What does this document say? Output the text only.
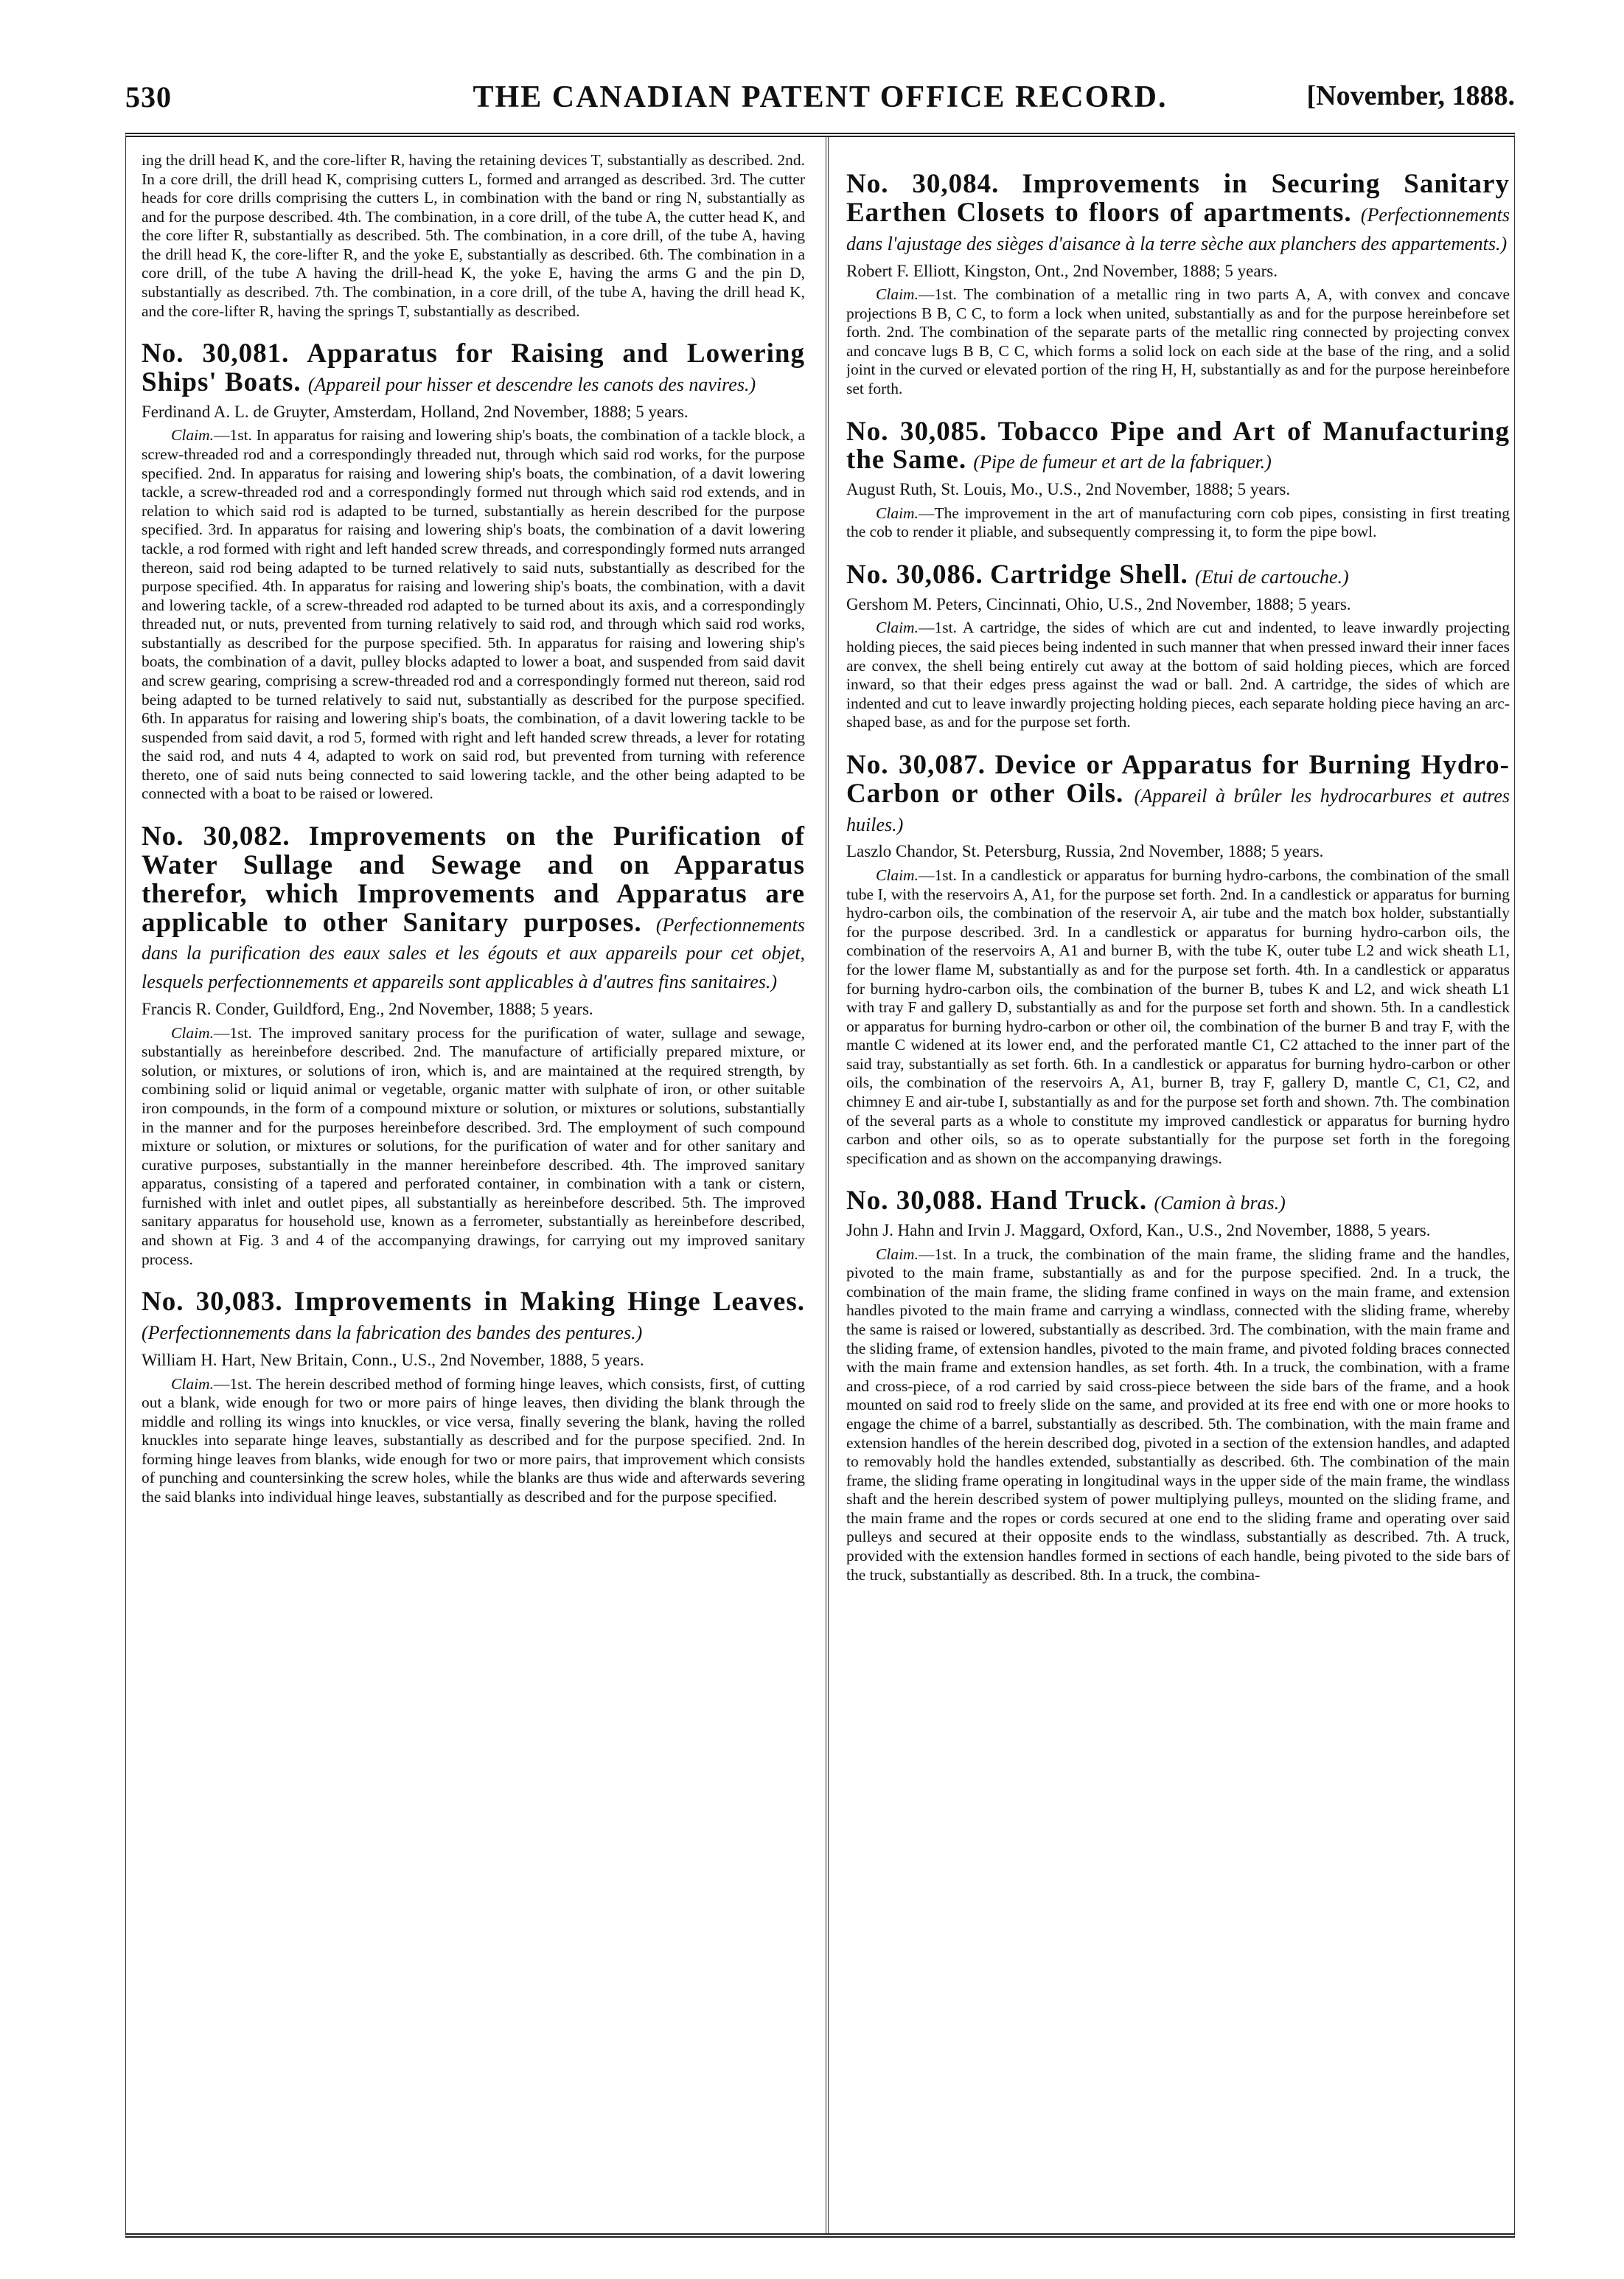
530	THE CANADIAN PATENT OFFICE RECORD.	[November, 1888.

ing the drill head K, and the core-lifter R, having the retaining devices T, substantially as described. 2nd. In a core drill, the drill head K, comprising cutters L, formed and arranged as described. 3rd. The cutter heads for core drills comprising the cutters L, in combination with the band or ring N, substantially as and for the purpose described. 4th. The combination, in a core drill, of the tube A, the cutter head K, and the core lifter R, substantially as described. 5th. The combination, in a core drill, of the tube A, having the drill head K, the core-lifter R, and the yoke E, substantially as described. 6th. The combination in a core drill, of the tube A having the drill-head K, the yoke E, having the arms G and the pin D, substantially as described. 7th. The combination, in a core drill, of the tube A, having the drill head K, and the core-lifter R, having the springs T, substantially as described.

No. 30,081. Apparatus for Raising and Lowering Ships' Boats. (Appareil pour hisser et descendre les canots des navires.)

Ferdinand A. L. de Gruyter, Amsterdam, Holland, 2nd November, 1888; 5 years.

Claim.—1st. In apparatus for raising and lowering ship's boats, the combination of a tackle block, a screw-threaded rod and a correspondingly threaded nut, through which said rod works, for the purpose specified. 2nd. In apparatus for raising and lowering ship's boats, the combination, of a davit lowering tackle, a screw-threaded rod and a correspondingly formed nut through which said rod extends, and in relation to which said rod is adapted to be turned, substantially as herein described for the purpose specified. 3rd. In apparatus for raising and lowering ship's boats, the combination of a davit lowering tackle, a rod formed with right and left handed screw threads, and correspondingly formed nuts arranged thereon, said rod being adapted to be turned relatively to said nuts, substantially as described for the purpose specified. 4th. In apparatus for raising and lowering ship's boats, the combination, with a davit and lowering tackle, of a screw-threaded rod adapted to be turned about its axis, and a correspondingly threaded nut, or nuts, prevented from turning relatively to said rod, and through which said rod works, substantially as described for the purpose specified. 5th. In apparatus for raising and lowering ship's boats, the combination of a davit, pulley blocks adapted to lower a boat, and suspended from said davit and screw gearing, comprising a screw-threaded rod and a correspondingly formed nut thereon, said rod being adapted to be turned relatively to said nut, substantially as described for the purpose specified. 6th. In apparatus for raising and lowering ship's boats, the combination, of a davit lowering tackle to be suspended from said davit, a rod 5, formed with right and left handed screw threads, a lever for rotating the said rod, and nuts 4 4, adapted to work on said rod, but prevented from turning with reference thereto, one of said nuts being connected to said lowering tackle, and the other being adapted to be connected with a boat to be raised or lowered.

No. 30,082. Improvements on the Purification of Water Sullage and Sewage and on Apparatus therefor, which Improvements and Apparatus are applicable to other Sanitary purposes. (Perfectionnements dans la purification des eaux sales et les égouts et aux appareils pour cet objet, lesquels perfectionnements et appareils sont applicables à d'autres fins sanitaires.)

Francis R. Conder, Guildford, Eng., 2nd November, 1888; 5 years.

Claim.—1st. The improved sanitary process for the purification of water, sullage and sewage, substantially as hereinbefore described. 2nd. The manufacture of artificially prepared mixture, or solution, or mixtures, or solutions of iron, which is, and are maintained at the required strength, by combining solid or liquid animal or vegetable, organic matter with sulphate of iron, or other suitable iron compounds, in the form of a compound mixture or solution, or mixtures or solutions, substantially in the manner and for the purposes hereinbefore described. 3rd. The employment of such compound mixture or solution, or mixtures or solutions, for the purification of water and for other sanitary and curative purposes, substantially in the manner hereinbefore described. 4th. The improved sanitary apparatus, consisting of a tapered and perforated container, in combination with a tank or cistern, furnished with inlet and outlet pipes, all substantially as hereinbefore described. 5th. The improved sanitary apparatus for household use, known as a ferrometer, substantially as hereinbefore described, and shown at Fig. 3 and 4 of the accompanying drawings, for carrying out my improved sanitary process.

No. 30,083. Improvements in Making Hinge Leaves. (Perfectionnements dans la fabrication des bandes des pentures.)

William H. Hart, New Britain, Conn., U.S., 2nd November, 1888, 5 years.

Claim.—1st. The herein described method of forming hinge leaves, which consists, first, of cutting out a blank, wide enough for two or more pairs of hinge leaves, then dividing the blank through the middle and rolling its wings into knuckles, or vice versa, finally severing the blank, having the rolled knuckles into separate hinge leaves, substantially as described and for the purpose specified. 2nd. In forming hinge leaves from blanks, wide enough for two or more pairs, that improvement which consists of punching and countersinking the screw holes, while the blanks are thus wide and afterwards severing the said blanks into individual hinge leaves, substantially as described and for the purpose specified.

No. 30,084. Improvements in Securing Sanitary Earthen Closets to floors of apartments. (Perfectionnements dans l'ajustage des sièges d'aisance à la terre sèche aux planchers des appartements.)

Robert F. Elliott, Kingston, Ont., 2nd November, 1888; 5 years.

Claim.—1st. The combination of a metallic ring in two parts A, A, with convex and concave projections B B, C C, to form a lock when united, substantially as and for the purpose hereinbefore set forth. 2nd. The combination of the separate parts of the metallic ring connected by projecting convex and concave lugs B B, C C, which forms a solid lock on each side at the base of the ring, and a solid joint in the curved or elevated portion of the ring H, H, substantially as and for the purpose hereinbefore set forth.

No. 30,085. Tobacco Pipe and Art of Manufacturing the Same. (Pipe de fumeur et art de la fabriquer.)

August Ruth, St. Louis, Mo., U.S., 2nd November, 1888; 5 years.

Claim.—The improvement in the art of manufacturing corn cob pipes, consisting in first treating the cob to render it pliable, and subsequently compressing it, to form the pipe bowl.

No. 30,086. Cartridge Shell. (Etui de cartouche.)

Gershom M. Peters, Cincinnati, Ohio, U.S., 2nd November, 1888; 5 years.

Claim.—1st. A cartridge, the sides of which are cut and indented, to leave inwardly projecting holding pieces, the said pieces being indented in such manner that when pressed inward their inner faces are convex, the shell being entirely cut away at the bottom of said holding pieces, which are forced inward, so that their edges press against the wad or ball. 2nd. A cartridge, the sides of which are indented and cut to leave inwardly projecting holding pieces, each separate holding piece having an arc-shaped base, as and for the purpose set forth.

No. 30,087. Device or Apparatus for Burning Hydro-Carbon or other Oils. (Appareil à brûler les hydrocarbures et autres huiles.)

Laszlo Chandor, St. Petersburg, Russia, 2nd November, 1888; 5 years.

Claim.—1st. In a candlestick or apparatus for burning hydro-carbons, the combination of the small tube I, with the reservoirs A, A1, for the purpose set forth. 2nd. In a candlestick or apparatus for burning hydro-carbon oils, the combination of the reservoir A, air tube and the match box holder, substantially for the purpose described. 3rd. In a candlestick or apparatus for burning hydro-carbon oils, the combination of the reservoirs A, A1 and burner B, with the tube K, outer tube L2 and wick sheath L1, for the lower flame M, substantially as and for the purpose set forth. 4th. In a candlestick or apparatus for burning hydro-carbon oils, the combination of the burner B, tubes K and L2, and wick sheath L1 with tray F and gallery D, substantially as and for the purpose set forth and shown. 5th. In a candlestick or apparatus for burning hydro-carbon or other oil, the combination of the burner B and tray F, with the mantle C widened at its lower end, and the perforated mantle C1, C2 attached to the inner part of the said tray, substantially as set forth. 6th. In a candlestick or apparatus for burning hydro-carbon or other oils, the combination of the reservoirs A, A1, burner B, tray F, gallery D, mantle C, C1, C2, and chimney E and air-tube I, substantially as and for the purpose set forth and shown. 7th. The combination of the several parts as a whole to constitute my improved candlestick or apparatus for burning hydro carbon and other oils, so as to operate substantially for the purpose set forth in the foregoing specification and as shown on the accompanying drawings.

No. 30,088. Hand Truck. (Camion à bras.)

John J. Hahn and Irvin J. Maggard, Oxford, Kan., U.S., 2nd November, 1888, 5 years.

Claim.—1st. In a truck, the combination of the main frame, the sliding frame and the handles, pivoted to the main frame, substantially as and for the purpose specified. 2nd. In a truck, the combination of the main frame, the sliding frame confined in ways on the main frame, and extension handles pivoted to the main frame and carrying a windlass, connected with the sliding frame, whereby the same is raised or lowered, substantially as described. 3rd. The combination, with the main frame and the sliding frame, of extension handles, pivoted to the main frame, and pivoted folding braces connected with the main frame and extension handles, as set forth. 4th. In a truck, the combination, with a frame and cross-piece, of a rod carried by said cross-piece between the side bars of the frame, and a hook mounted on said rod to freely slide on the same, and provided at its free end with one or more hooks to engage the chime of a barrel, substantially as described. 5th. The combination, with the main frame and extension handles of the herein described dog, pivoted in a section of the extension handles, and adapted to removably hold the handles extended, substantially as described. 6th. The combination of the main frame, the sliding frame operating in longitudinal ways in the upper side of the main frame, the windlass shaft and the herein described system of power multiplying pulleys, mounted on the sliding frame, and the main frame and the ropes or cords secured at one end to the sliding frame and operating over said pulleys and secured at their opposite ends to the windlass, substantially as described. 7th. A truck, provided with the extension handles formed in sections of each handle, being pivoted to the side bars of the truck, substantially as described. 8th. In a truck, the combina-
